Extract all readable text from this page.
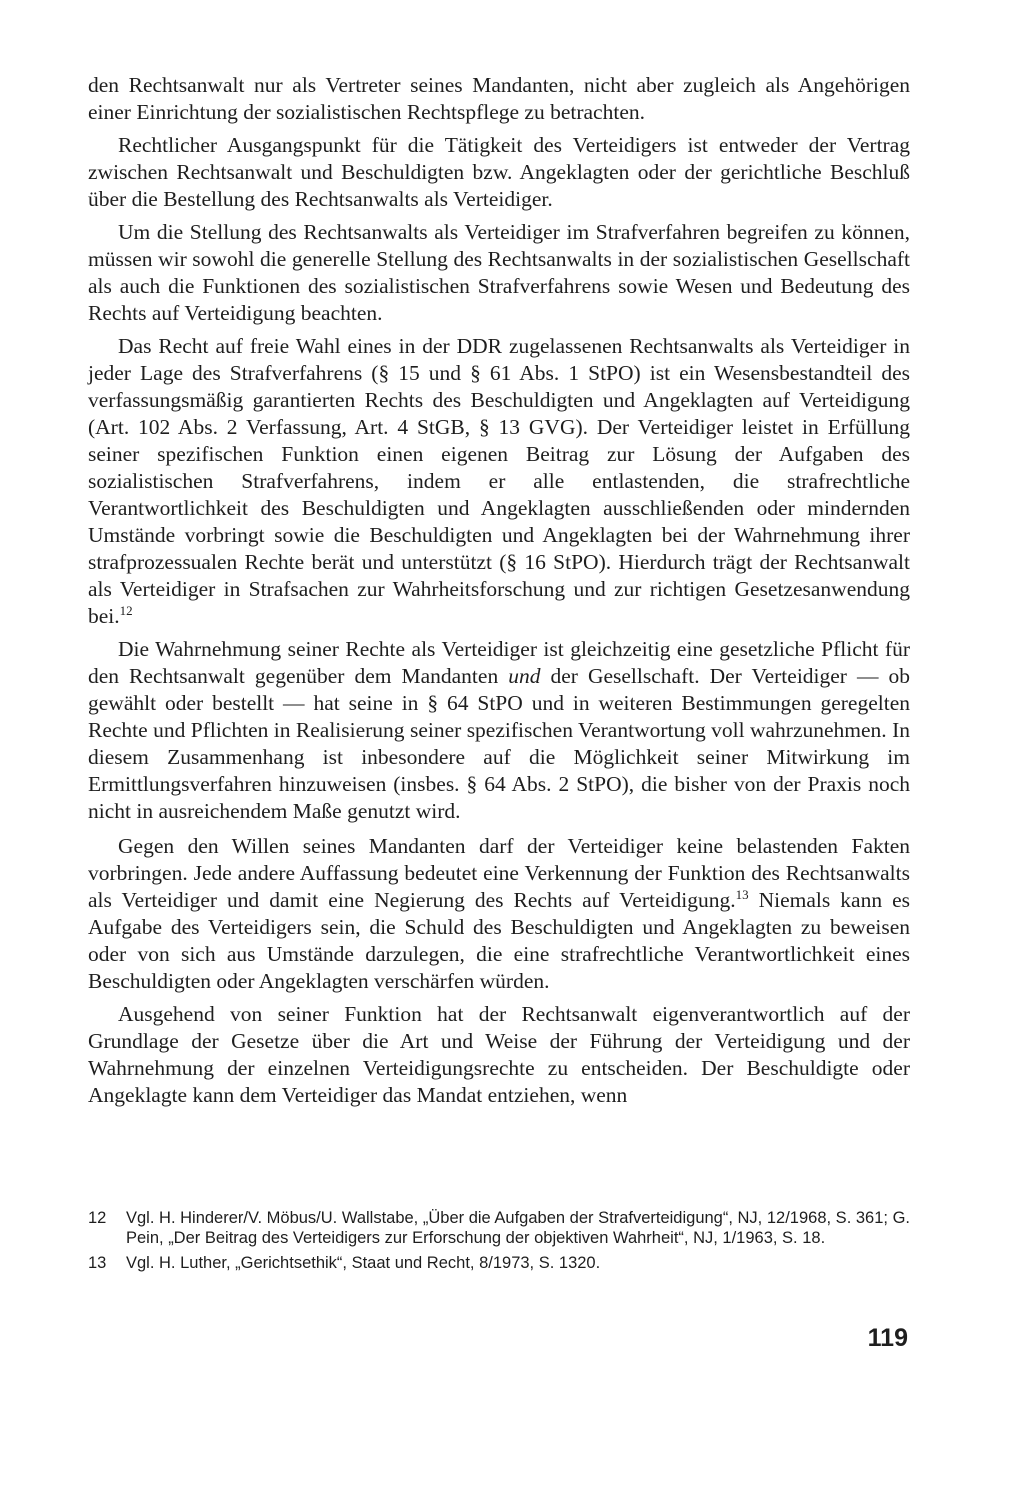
den Rechtsanwalt nur als Vertreter seines Mandanten, nicht aber zugleich als Angehörigen einer Einrichtung der sozialistischen Rechtspflege zu betrachten.

Rechtlicher Ausgangspunkt für die Tätigkeit des Verteidigers ist entweder der Vertrag zwischen Rechtsanwalt und Beschuldigten bzw. Angeklagten oder der gerichtliche Beschluß über die Bestellung des Rechtsanwalts als Verteidiger.

Um die Stellung des Rechtsanwalts als Verteidiger im Strafverfahren begreifen zu können, müssen wir sowohl die generelle Stellung des Rechtsanwalts in der sozialistischen Gesellschaft als auch die Funktionen des sozialistischen Strafverfahrens sowie Wesen und Bedeutung des Rechts auf Verteidigung beachten.

Das Recht auf freie Wahl eines in der DDR zugelassenen Rechtsanwalts als Verteidiger in jeder Lage des Strafverfahrens (§ 15 und § 61 Abs. 1 StPO) ist ein Wesensbestandteil des verfassungsmäßig garantierten Rechts des Beschuldigten und Angeklagten auf Verteidigung (Art. 102 Abs. 2 Verfassung, Art. 4 StGB, § 13 GVG). Der Verteidiger leistet in Erfüllung seiner spezifischen Funktion einen eigenen Beitrag zur Lösung der Aufgaben des sozialistischen Strafverfahrens, indem er alle entlastenden, die strafrechtliche Verantwortlichkeit des Beschuldigten und Angeklagten ausschließenden oder mindernden Umstände vorbringt sowie die Beschuldigten und Angeklagten bei der Wahrnehmung ihrer strafprozessualen Rechte berät und unterstützt (§ 16 StPO). Hierdurch trägt der Rechtsanwalt als Verteidiger in Strafsachen zur Wahrheitsforschung und zur richtigen Gesetzesanwendung bei.$^{12}$

Die Wahrnehmung seiner Rechte als Verteidiger ist gleichzeitig eine gesetzliche Pflicht für den Rechtsanwalt gegenüber dem Mandanten und der Gesellschaft. Der Verteidiger — ob gewählt oder bestellt — hat seine in § 64 StPO und in weiteren Bestimmungen geregelten Rechte und Pflichten in Realisierung seiner spezifischen Verantwortung voll wahrzunehmen. In diesem Zusammenhang ist inbesondere auf die Möglichkeit seiner Mitwirkung im Ermittlungsverfahren hinzuweisen (insbes. § 64 Abs. 2 StPO), die bisher von der Praxis noch nicht in ausreichendem Maße genutzt wird.

Gegen den Willen seines Mandanten darf der Verteidiger keine belastenden Fakten vorbringen. Jede andere Auffassung bedeutet eine Verkennung der Funktion des Rechtsanwalts als Verteidiger und damit eine Negierung des Rechts auf Verteidigung.$^{13}$ Niemals kann es Aufgabe des Verteidigers sein, die Schuld des Beschuldigten und Angeklagten zu beweisen oder von sich aus Umstände darzulegen, die eine strafrechtliche Verantwortlichkeit eines Beschuldigten oder Angeklagten verschärfen würden.

Ausgehend von seiner Funktion hat der Rechtsanwalt eigenverantwortlich auf der Grundlage der Gesetze über die Art und Weise der Führung der Verteidigung und der Wahrnehmung der einzelnen Verteidigungsrechte zu entscheiden. Der Beschuldigte oder Angeklagte kann dem Verteidiger das Mandat entziehen, wenn

12	Vgl. H. Hinderer/V. Möbus/U. Wallstabe, „Über die Aufgaben der Strafverteidigung“, NJ, 12/1968, S. 361; G. Pein, „Der Beitrag des Verteidigers zur Erforschung der objektiven Wahrheit“, NJ, 1/1963, S. 18.
13	Vgl. H. Luther, „Gerichtsethik“, Staat und Recht, 8/1973, S. 1320.
119
